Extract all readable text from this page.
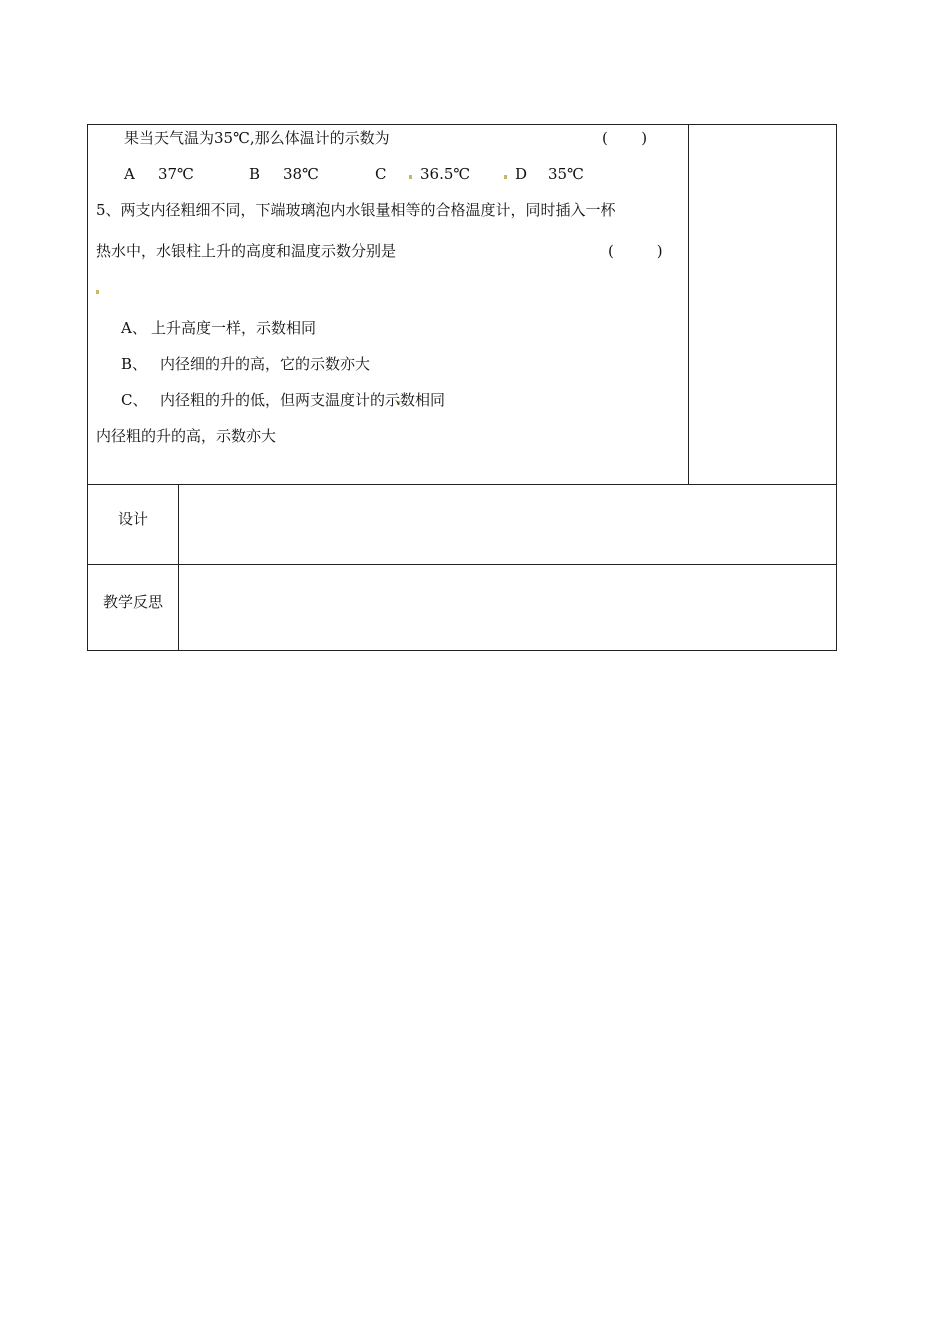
果当天气温为35℃,那么体温计的示数为	(       )
A 37℃	B 38℃	C 36.5℃	D 35℃
5、两支内径粗细不同，下端玻璃泡内水银量相等的合格温度计，同时插入一杯
热水中，水银柱上升的高度和温度示数分别是	(         )
A、 上升高度一样，示数相同
B、 内径细的升的高，它的示数亦大
C、 内径粗的升的低，但两支温度计的示数相同
内径粗的升的高，示数亦大
设计
教学反思
